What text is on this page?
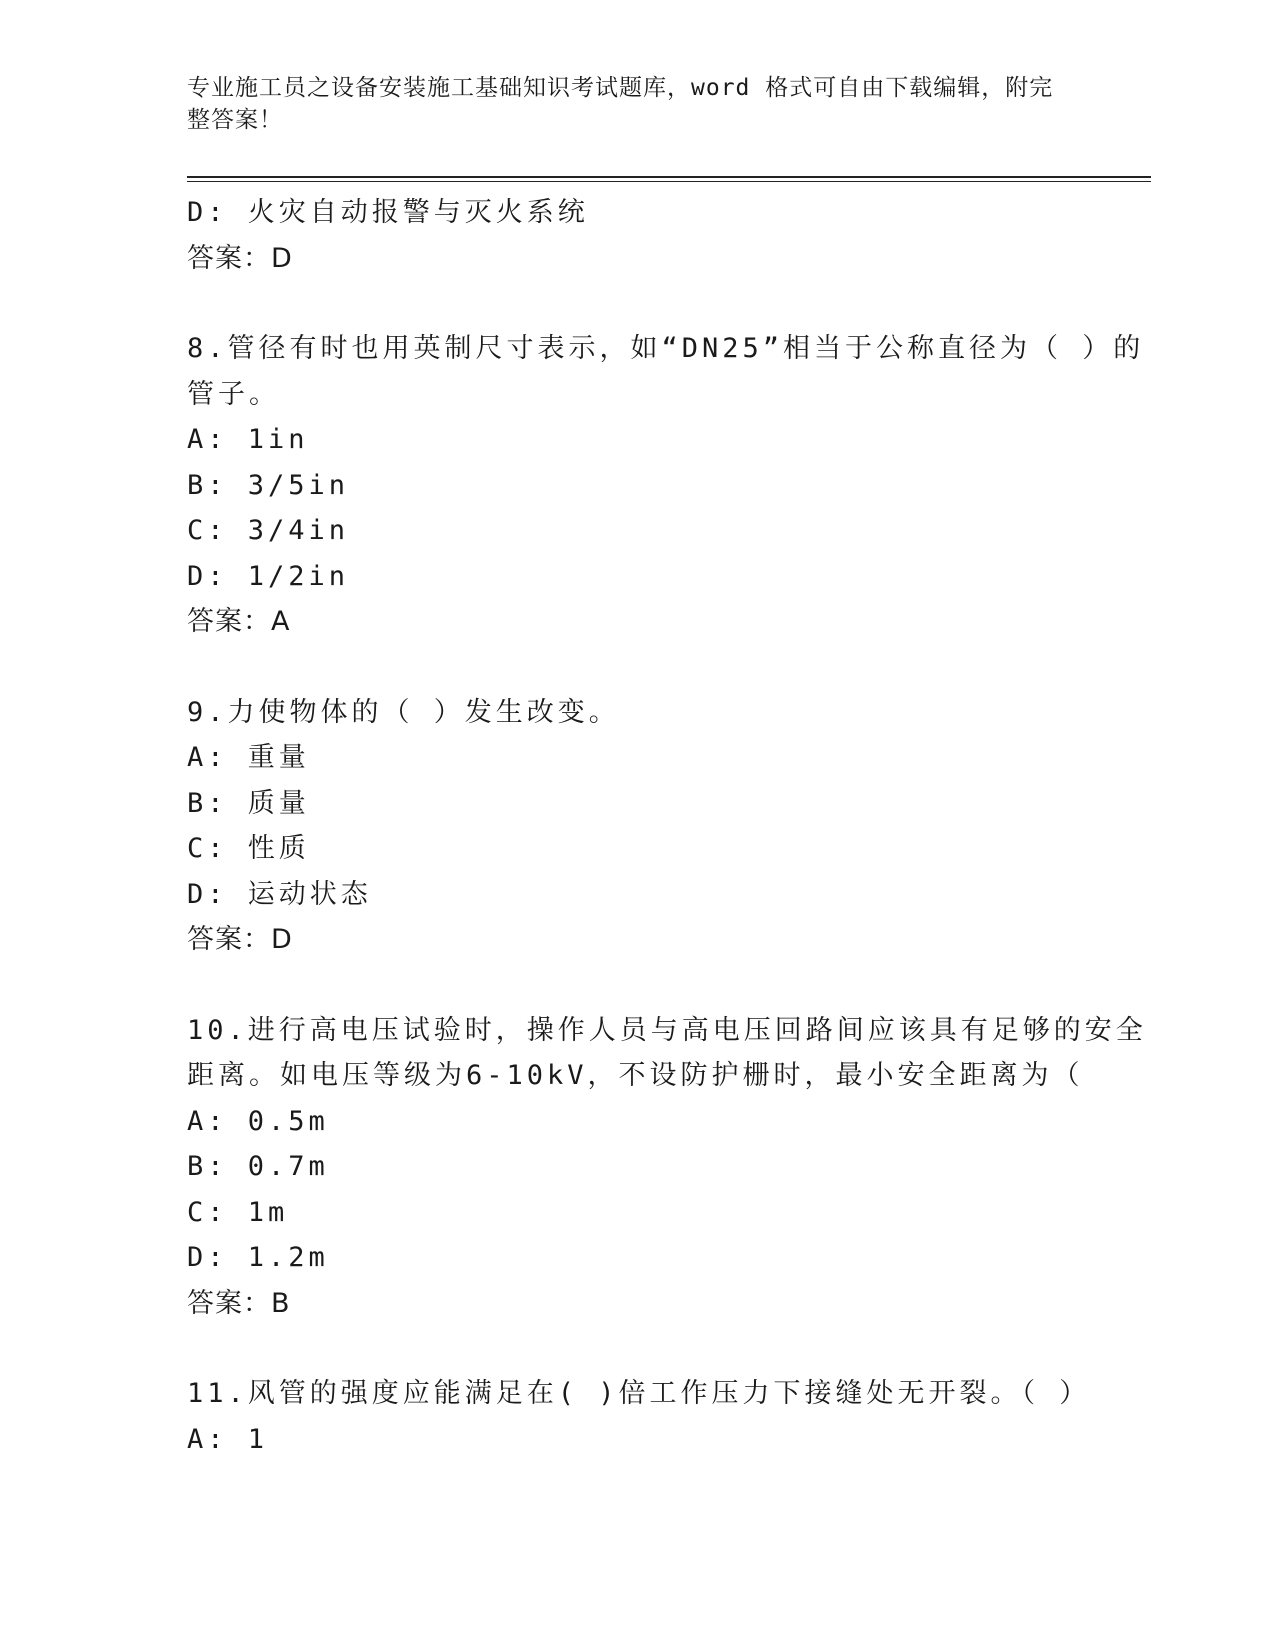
专业施工员之设备安装施工基础知识考试题库，word 格式可自由下载编辑，附完
整答案！
D: 火灾自动报警与灭火系统
答案：D
8.管径有时也用英制尺寸表示，如“DN25”相当于公称直径为（ ）的
管子。
A: 1in
B: 3/5in
C: 3/4in
D: 1/2in
答案：A
9.力使物体的（ ）发生改变。
A: 重量
B: 质量
C: 性质
D: 运动状态
答案：D
10.进行高电压试验时，操作人员与高电压回路间应该具有足够的安全
距离。如电压等级为6-10kV，不设防护栅时，最小安全距离为（
A: 0.5m
B: 0.7m
C: 1m
D: 1.2m
答案：B
11.风管的强度应能满足在( )倍工作压力下接缝处无开裂。（ ）
A: 1
